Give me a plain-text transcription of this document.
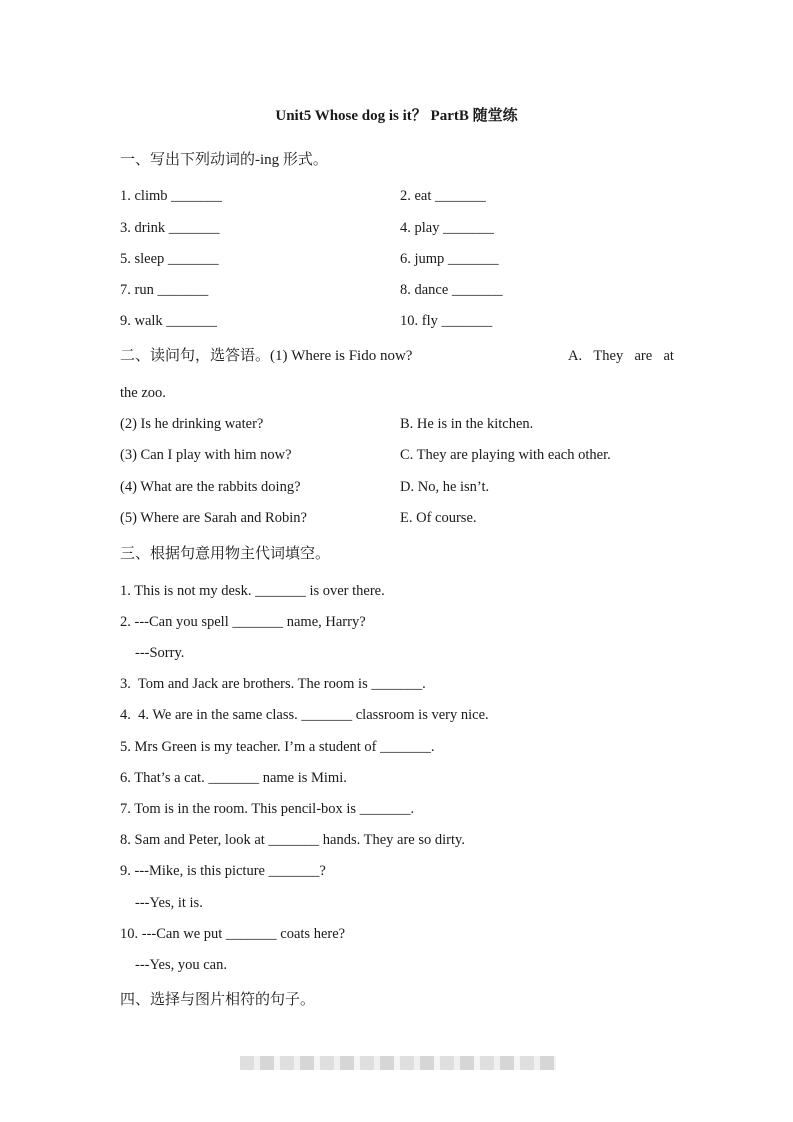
Unit5 Whose dog is it？ PartB 随堂练
一、写出下列动词的-ing 形式。
1. climb _______	2. eat _______
3. drink _______	4. play _______
5. sleep _______	6. jump _______
7. run _______	8. dance _______
9. walk _______	10. fly _______
二、读问句，选答语。(1) Where is Fido now?	A. They are at
the zoo.
(2) Is he drinking water?	B. He is in the kitchen.
(3) Can I play with him now?	C. They are playing with each other.
(4) What are the rabbits doing?	D. No, he isn’t.
(5) Where are Sarah and Robin?	E. Of course.
三、根据句意用物主代词填空。
1. This is not my desk. _______ is over there.
2. ---Can you spell _______ name, Harry?
---Sorry.
3.  Tom and Jack are brothers. The room is _______.
4.  4. We are in the same class. _______ classroom is very nice.
5. Mrs Green is my teacher. I’m a student of _______.
6. That’s a cat. _______ name is Mimi.
7. Tom is in the room. This pencil-box is _______.
8. Sam and Peter, look at _______ hands. They are so dirty.
9. ---Mike, is this picture _______?
---Yes, it is.
10. ---Can we put _______ coats here?
---Yes, you can.
四、选择与图片相符的句子。
